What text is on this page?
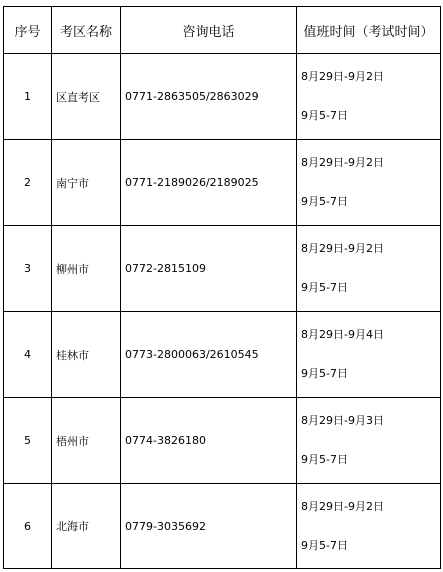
序号	考区名称	咨询电话	值班时间（考试时间）
1	区直考区	0771-2863505/2863029	8月29日-9月2日
9月5-7日

2	南宁市	0771-2189026/2189025	8月29日-9月2日
9月5-7日

3	柳州市	0772-2815109	8月29日-9月2日
9月5-7日

4	桂林市	0773-2800063/2610545	8月29日-9月4日
9月5-7日

5	梧州市	0774-3826180	8月29日-9月3日
9月5-7日

6	北海市	0779-3035692	8月29日-9月2日
9月5-7日
